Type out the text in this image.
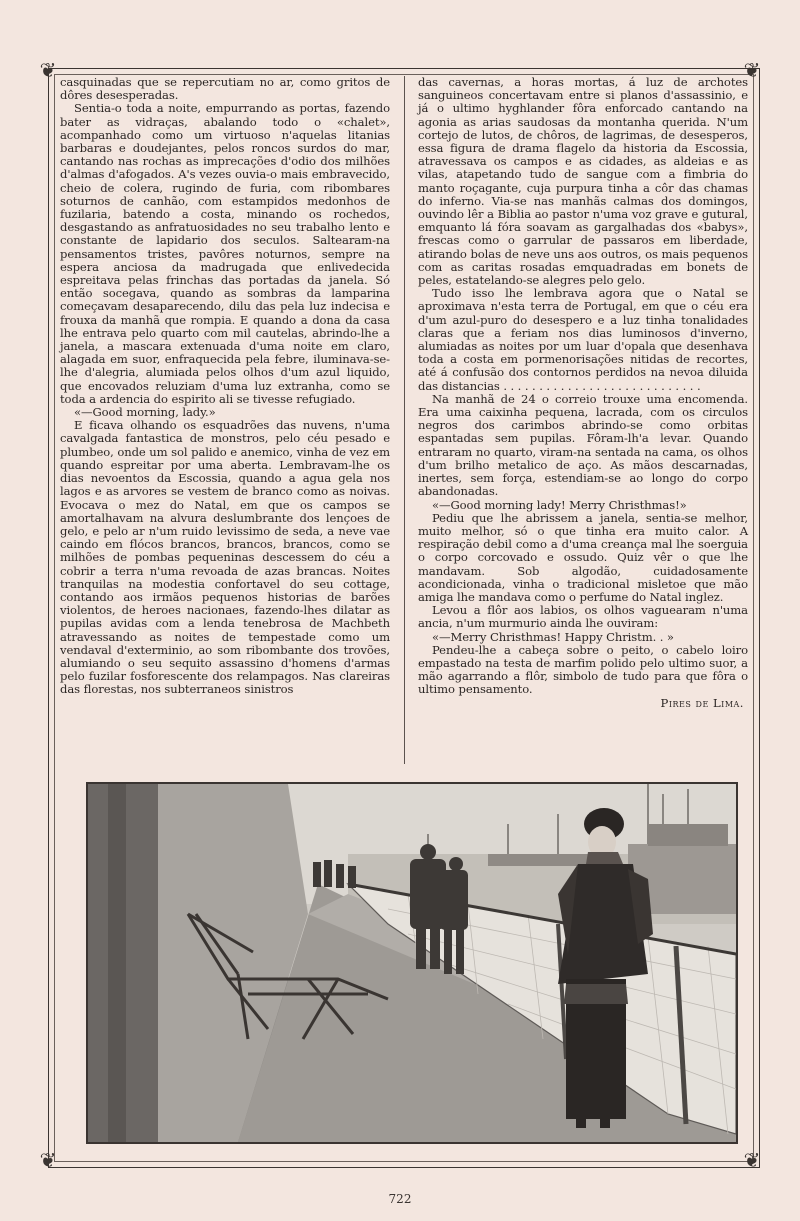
❦	❦
❦	❦

casquinadas que se repercutiam no ar, como gritos de dôres desesperadas.

Sentia-o toda a noite, empurrando as portas, fazendo bater as vidraças, abalando todo o «chalet», acompanhado como um virtuoso n'aquelas litanias barbaras e doudejantes, pelos roncos surdos do mar, cantando nas rochas as imprecações d'odio dos milhões d'almas d'afogados. A's vezes ouvia-o mais embravecido, cheio de colera, rugindo de furia, com ribombares soturnos de canhão, com estampidos medonhos de fuzilaria, batendo a costa, minando os rochedos, desgastando as anfratuosidades no seu trabalho lento e constante de lapidario dos seculos. Saltearam-na pensamentos tristes, pavôres noturnos, sempre na espera anciosa da madrugada que enlivedecida espreitava pelas frinchas das portadas da janela. Só então socegava, quando as sombras da lamparina começavam desaparecendo, dilu das pela luz indecisa e frouxa da manhã que rompia. E quando a dona da casa lhe entrava pelo quarto com mil cautelas, abrindo-lhe a janela, a mascara extenuada d'uma noite em claro, alagada em suor, enfraquecida pela febre, iluminava-se-lhe d'alegria, alumiada pelos olhos d'um azul liquido, que encovados reluziam d'uma luz extranha, como se toda a ardencia do espirito ali se tivesse refugiado.

«—Good morning, lady.»

E ficava olhando os esquadrões das nuvens, n'uma cavalgada fantastica de monstros, pelo céu pesado e plumbeo, onde um sol palido e anemico, vinha de vez em quando espreitar por uma aberta. Lembravam-lhe os dias nevoentos da Escossia, quando a agua gela nos lagos e as arvores se vestem de branco como as noivas. Evocava o mez do Natal, em que os campos se amortalhavam na alvura deslumbrante dos lençoes de gelo, e pelo ar n'um ruido levissimo de seda, a neve vae caindo em flócos brancos, brancos, brancos, como se milhões de pombas pequeninas descessem do céu a cobrir a terra n'uma revoada de azas brancas. Noites tranquilas na modestia confortavel do seu cottage, contando aos irmãos pequenos historias de barões violentos, de heroes nacionaes, fazendo-lhes dilatar as pupilas avidas com a lenda tenebrosa de Machbeth atravessando as noites de tempestade como um vendaval d'exterminio, ao som ribombante dos trovões, alumiando o seu sequito assassino d'homens d'armas pelo fuzilar fosforescente dos relampagos. Nas clareiras das florestas, nos subterraneos sinistros

das cavernas, a horas mortas, á luz de archotes sanguineos concertavam entre si planos d'assassinio, e já o ultimo hyghlander fôra enforcado cantando na agonia as arias saudosas da montanha querida. N'um cortejo de lutos, de chôros, de lagrimas, de desesperos, essa figura de drama flagelo da historia da Escossia, atravessava os campos e as cidades, as aldeias e as vilas, atapetando tudo de sangue com a fimbria do manto roçagante, cuja purpura tinha a côr das chamas do inferno. Via-se nas manhãs calmas dos domingos, ouvindo lêr a Biblia ao pastor n'uma voz grave e gutural, emquanto lá fóra soavam as gargalhadas dos «babys», frescas como o garrular de passaros em liberdade, atirando bolas de neve uns aos outros, os mais pequenos com as caritas rosadas emquadradas em bonets de peles, estatelando-se alegres pelo gelo.

Tudo isso lhe lembrava agora que o Natal se aproximava n'esta terra de Portugal, em que o céu era d'um azul-puro do desespero e a luz tinha tonalidades claras que a feriam nos dias luminosos d'inverno, alumiadas as noites por um luar d'opala que desenhava toda a costa em pormenorisações nitidas de recortes, até á confusão dos contornos perdidos na nevoa diluida das distancias . . . . . . . . . . . . . . . . . . . . . . . . . . . .

Na manhã de 24 o correio trouxe uma encomenda. Era uma caixinha pequena, lacrada, com os circulos negros dos carimbos abrindo-se como orbitas espantadas sem pupilas. Fôram-lh'a levar. Quando entraram no quarto, viram-na sentada na cama, os olhos d'um brilho metalico de aço. As mãos descarnadas, inertes, sem força, estendiam-se ao longo do corpo abandonadas.

«—Good morning lady! Merry Christhmas!»

Pediu que lhe abrissem a janela, sentia-se melhor, muito melhor, só o que tinha era muito calor. A respiração debil como a d'uma creança mal lhe soerguia o corpo corcovado e ossudo. Quiz vêr o que lhe mandavam. Sob algodão, cuidadosamente acondicionada, vinha o tradicional misletoe que mão amiga lhe mandava como o perfume do Natal inglez.

Levou a flôr aos labios, os olhos vaguearam n'uma ancia, n'um murmurio ainda lhe ouviram:

«—Merry Christhmas! Happy Christm. . »

Pendeu-lhe a cabeça sobre o peito, o cabelo loiro empastado na testa de marfim polido pelo ultimo suor, a mão agarrando a flôr, simbolo de tudo para que fôra o ultimo pensamento.

Pires de Lima.

722
